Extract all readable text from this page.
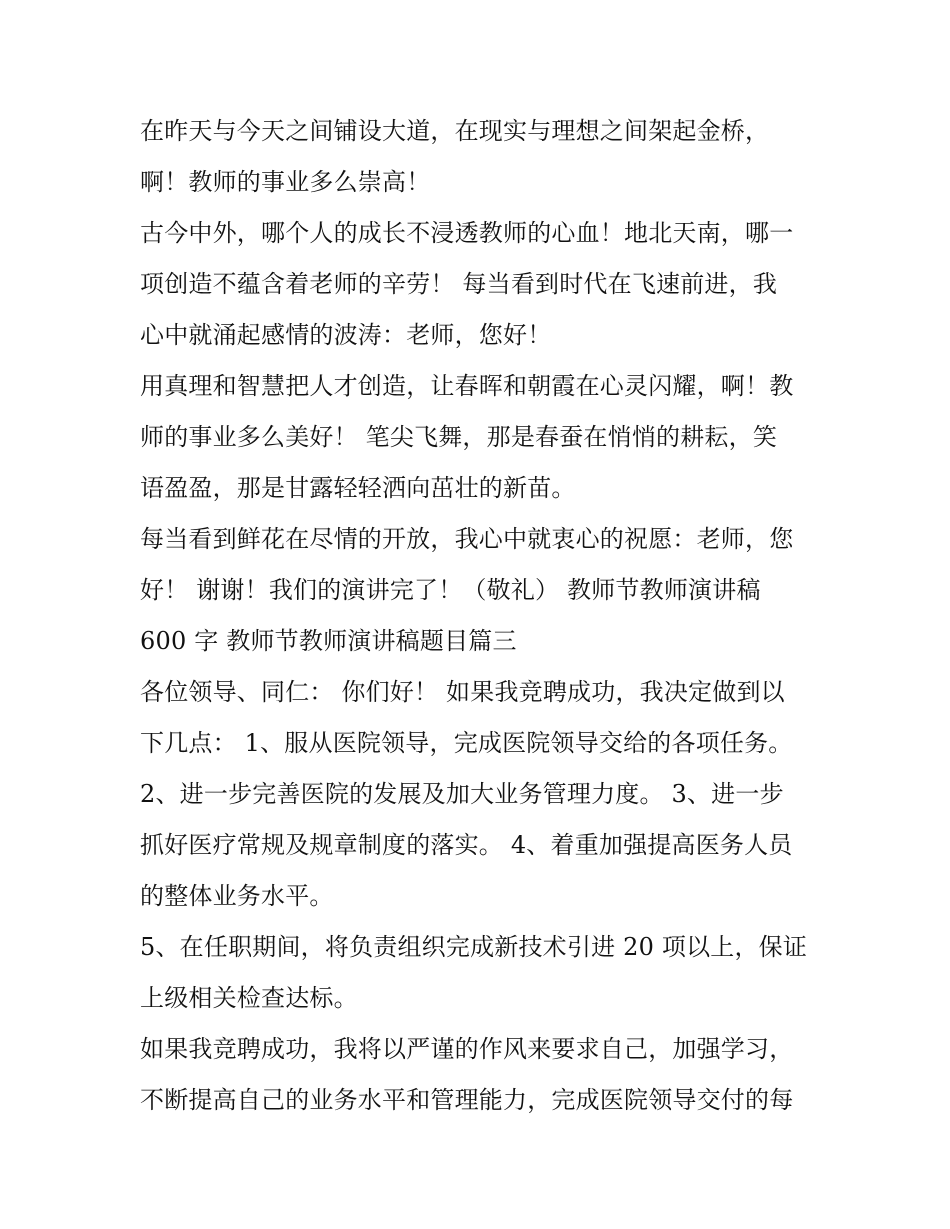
在昨天与今天之间铺设大道，在现实与理想之间架起金桥，
啊！教师的事业多么崇高！
古今中外，哪个人的成长不浸透教师的心血！地北天南，哪一
项创造不蕴含着老师的辛劳！ 每当看到时代在飞速前进，我
心中就涌起感情的波涛：老师，您好！
用真理和智慧把人才创造，让春晖和朝霞在心灵闪耀，啊！教
师的事业多么美好！ 笔尖飞舞，那是春蚕在悄悄的耕耘，笑
语盈盈，那是甘露轻轻洒向茁壮的新苗。
每当看到鲜花在尽情的开放，我心中就衷心的祝愿：老师，您
好！ 谢谢！我们的演讲完了！（敬礼） 教师节教师演讲稿
600 字 教师节教师演讲稿题目篇三
各位领导、同仁： 你们好！ 如果我竞聘成功，我决定做到以
下几点： 1、服从医院领导，完成医院领导交给的各项任务。
2、进一步完善医院的发展及加大业务管理力度。 3、进一步
抓好医疗常规及规章制度的落实。 4、着重加强提高医务人员
的整体业务水平。
5、在任职期间，将负责组织完成新技术引进 20 项以上，保证
上级相关检查达标。
如果我竞聘成功，我将以严谨的作风来要求自己，加强学习，
不断提高自己的业务水平和管理能力，完成医院领导交付的每
